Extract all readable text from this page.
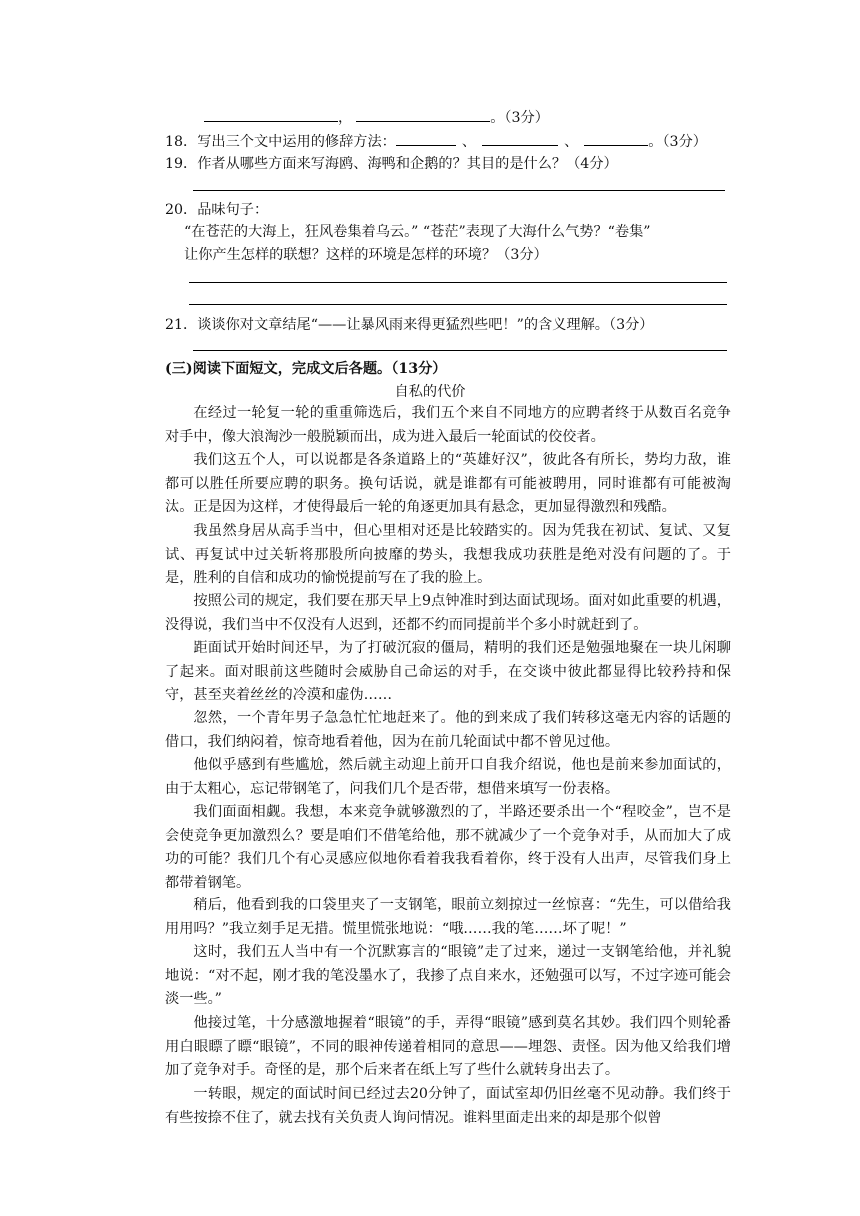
，	。（3分）
18．写出三个文中运用的修辞方法：	、	、	。（3分）
19．作者从哪些方面来写海鸥、海鸭和企鹅的？其目的是什么？（4分）
20．品味句子：
“在苍茫的大海上，狂风卷集着乌云。” “苍茫”表现了大海什么气势？“卷集”
让你产生怎样的联想？这样的环境是怎样的环境？（3分）
21．谈谈你对文章结尾“——让暴风雨来得更猛烈些吧！”的含义理解。（3分）
(三)阅读下面短文，完成文后各题。（13分）
自私的代价

在经过一轮复一轮的重重筛选后，我们五个来自不同地方的应聘者终于从数百名竞争对手中，像大浪淘沙一般脱颖而出，成为进入最后一轮面试的佼佼者。

我们这五个人，可以说都是各条道路上的“英雄好汉”，彼此各有所长，势均力敌，谁都可以胜任所要应聘的职务。换句话说，就是谁都有可能被聘用，同时谁都有可能被淘汰。正是因为这样，才使得最后一轮的角逐更加具有悬念，更加显得激烈和残酷。

我虽然身居从高手当中，但心里相对还是比较踏实的。因为凭我在初试、复试、又复试、再复试中过关斩将那股所向披靡的势头，我想我成功获胜是绝对没有问题的了。于是，胜利的自信和成功的愉悦提前写在了我的脸上。

按照公司的规定，我们要在那天早上9点钟准时到达面试现场。面对如此重要的机遇，没得说，我们当中不仅没有人迟到，还都不约而同提前半个多小时就赶到了。

距面试开始时间还早，为了打破沉寂的僵局，精明的我们还是勉强地聚在一块儿闲聊了起来。面对眼前这些随时会威胁自己命运的对手，在交谈中彼此都显得比较矜持和保守，甚至夹着丝丝的冷漠和虚伪……

忽然，一个青年男子急急忙忙地赶来了。他的到来成了我们转移这毫无内容的话题的借口，我们纳闷着，惊奇地看着他，因为在前几轮面试中都不曾见过他。

他似乎感到有些尴尬，然后就主动迎上前开口自我介绍说，他也是前来参加面试的，由于太粗心，忘记带钢笔了，问我们几个是否带，想借来填写一份表格。

我们面面相觑。我想，本来竞争就够激烈的了，半路还要杀出一个“程咬金”，岂不是会使竞争更加激烈么？要是咱们不借笔给他，那不就减少了一个竞争对手，从而加大了成功的可能？我们几个有心灵感应似地你看着我我看着你，终于没有人出声，尽管我们身上都带着钢笔。

稍后，他看到我的口袋里夹了一支钢笔，眼前立刻掠过一丝惊喜：“先生，可以借给我用用吗？”我立刻手足无措。慌里慌张地说：“哦……我的笔……坏了呢！”

这时，我们五人当中有一个沉默寡言的“眼镜”走了过来，递过一支钢笔给他，并礼貌地说：“对不起，刚才我的笔没墨水了，我掺了点自来水，还勉强可以写，不过字迹可能会淡一些。”

他接过笔，十分感激地握着“眼镜”的手，弄得“眼镜”感到莫名其妙。我们四个则轮番用白眼瞟了瞟“眼镜”，不同的眼神传递着相同的意思——埋怨、责怪。因为他又给我们增加了竞争对手。奇怪的是，那个后来者在纸上写了些什么就转身出去了。

一转眼，规定的面试时间已经过去20分钟了，面试室却仍旧丝毫不见动静。我们终于有些按捺不住了，就去找有关负责人询问情况。谁料里面走出来的却是那个似曾
